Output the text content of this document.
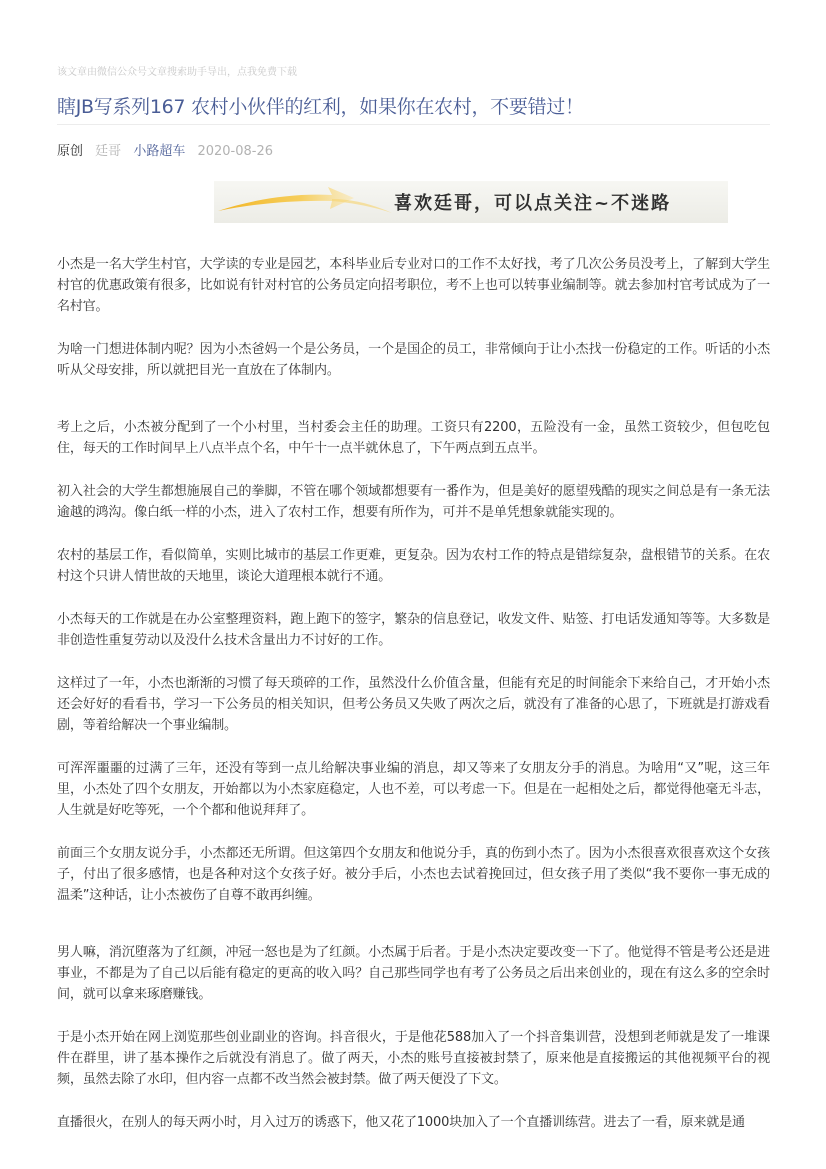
该文章由微信公众号文章搜索助手导出，点我免费下载
瞎JB写系列167 农村小伙伴的红利，如果你在农村，不要错过！
原创 廷哥 小路超车 2020-08-26
喜欢廷哥，可以点关注~不迷路

小杰是一名大学生村官，大学读的专业是园艺，本科毕业后专业对口的工作不太好找，考了几次公务员没考上，了解到大学生村官的优惠政策有很多，比如说有针对村官的公务员定向招考职位，考不上也可以转事业编制等。就去参加村官考试成为了一名村官。

为啥一门想进体制内呢？因为小杰爸妈一个是公务员，一个是国企的员工，非常倾向于让小杰找一份稳定的工作。听话的小杰听从父母安排，所以就把目光一直放在了体制内。

考上之后，小杰被分配到了一个小村里，当村委会主任的助理。工资只有2200，五险没有一金，虽然工资较少，但包吃包住，每天的工作时间早上八点半点个名，中午十一点半就休息了，下午两点到五点半。

初入社会的大学生都想施展自己的拳脚，不管在哪个领域都想要有一番作为，但是美好的愿望残酷的现实之间总是有一条无法逾越的鸿沟。像白纸一样的小杰，进入了农村工作，想要有所作为，可并不是单凭想象就能实现的。

农村的基层工作，看似简单，实则比城市的基层工作更难，更复杂。因为农村工作的特点是错综复杂，盘根错节的关系。在农村这个只讲人情世故的天地里，谈论大道理根本就行不通。

小杰每天的工作就是在办公室整理资料，跑上跑下的签字，繁杂的信息登记，收发文件、贴签、打电话发通知等等。大多数是非创造性重复劳动以及没什么技术含量出力不讨好的工作。

这样过了一年，小杰也渐渐的习惯了每天琐碎的工作，虽然没什么价值含量，但能有充足的时间能余下来给自己，才开始小杰还会好好的看看书，学习一下公务员的相关知识，但考公务员又失败了两次之后，就没有了准备的心思了，下班就是打游戏看剧，等着给解决一个事业编制。

可浑浑噩噩的过满了三年，还没有等到一点儿给解决事业编的消息，却又等来了女朋友分手的消息。为啥用“又”呢，这三年里，小杰处了四个女朋友，开始都以为小杰家庭稳定，人也不差，可以考虑一下。但是在一起相处之后，都觉得他毫无斗志，人生就是好吃等死，一个个都和他说拜拜了。

前面三个女朋友说分手，小杰都还无所谓。但这第四个女朋友和他说分手，真的伤到小杰了。因为小杰很喜欢很喜欢这个女孩子，付出了很多感情，也是各种对这个女孩子好。被分手后，小杰也去试着挽回过，但女孩子用了类似“我不要你一事无成的温柔”这种话，让小杰被伤了自尊不敢再纠缠。

男人嘛，消沉堕落为了红颜，冲冠一怒也是为了红颜。小杰属于后者。于是小杰决定要改变一下了。他觉得不管是考公还是进事业，不都是为了自己以后能有稳定的更高的收入吗？自己那些同学也有考了公务员之后出来创业的，现在有这么多的空余时间，就可以拿来琢磨赚钱。

于是小杰开始在网上浏览那些创业副业的咨询。抖音很火，于是他花588加入了一个抖音集训营，没想到老师就是发了一堆课件在群里，讲了基本操作之后就没有消息了。做了两天，小杰的账号直接被封禁了，原来他是直接搬运的其他视频平台的视频，虽然去除了水印，但内容一点都不改当然会被封禁。做了两天便没了下文。

直播很火，在别人的每天两小时，月入过万的诱惑下，他又花了1000块加入了一个直播训练营。进去了一看，原来就是通
